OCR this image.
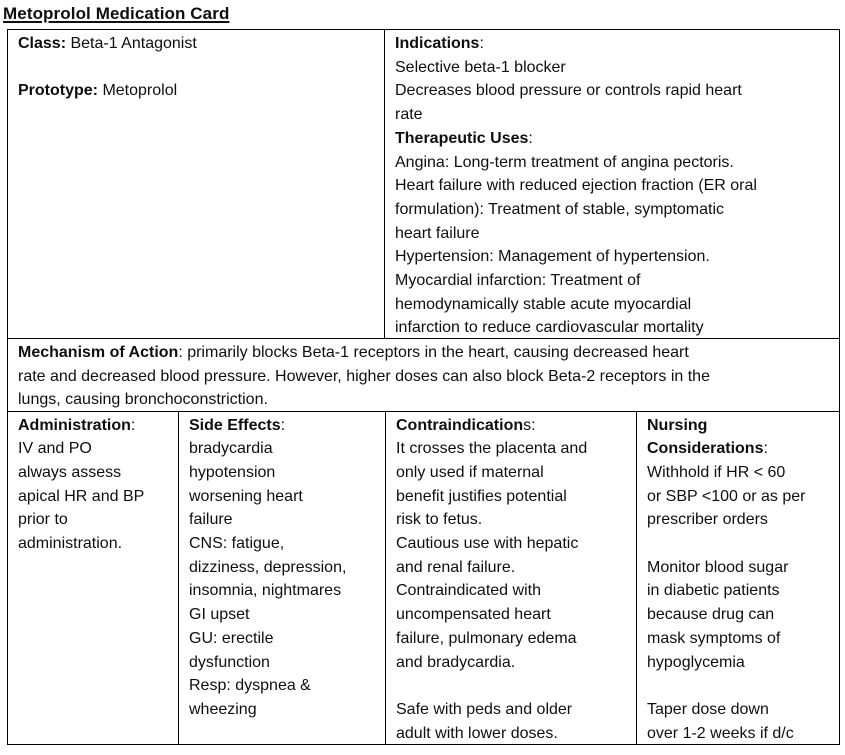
Metoprolol Medication Card
Class: Beta-1 Antagonist

Prototype: Metoprolol
Indications:
Selective beta-1 blocker
Decreases blood pressure or controls rapid heart
rate
Therapeutic Uses:
Angina: Long-term treatment of angina pectoris.
Heart failure with reduced ejection fraction (ER oral
formulation): Treatment of stable, symptomatic
heart failure
Hypertension: Management of hypertension.
Myocardial infarction: Treatment of
hemodynamically stable acute myocardial
infarction to reduce cardiovascular mortality
Mechanism of Action: primarily blocks Beta-1 receptors in the heart, causing decreased heart
rate and decreased blood pressure. However, higher doses can also block Beta-2 receptors in the
lungs, causing bronchoconstriction.
Administration:
IV and PO
always assess
apical HR and BP
prior to
administration.
Side Effects:
bradycardia
hypotension
worsening heart
failure
CNS: fatigue,
dizziness, depression,
insomnia, nightmares
GI upset
GU: erectile
dysfunction
Resp: dyspnea &
wheezing
Contraindications:
It crosses the placenta and
only used if maternal
benefit justifies potential
risk to fetus.
Cautious use with hepatic
and renal failure.
Contraindicated with
uncompensated heart
failure, pulmonary edema
and bradycardia.

Safe with peds and older
adult with lower doses.
Nursing
Considerations:
Withhold if HR < 60
or SBP <100 or as per
prescriber orders

Monitor blood sugar
in diabetic patients
because drug can
mask symptoms of
hypoglycemia

Taper dose down
over 1-2 weeks if d/c
